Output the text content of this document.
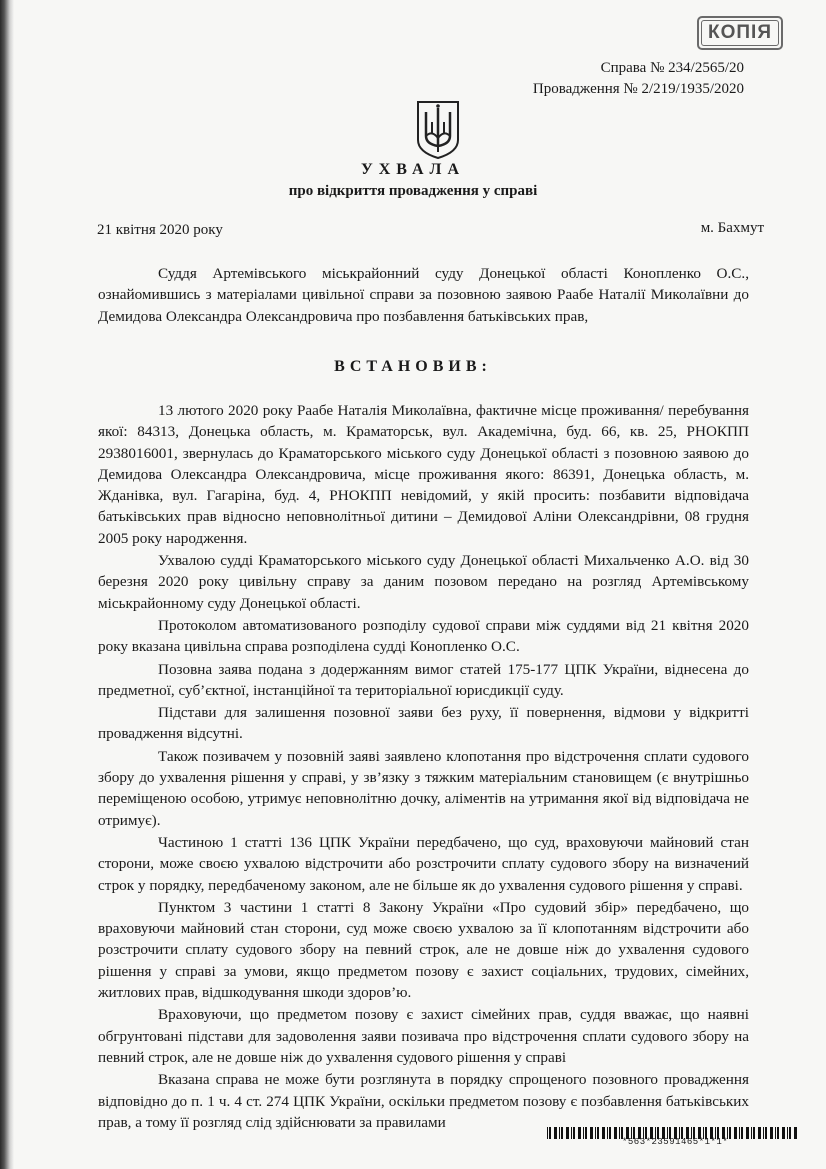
КОПІЯ
Справа № 234/2565/20
Провадження № 2/219/1935/2020
УХВАЛА
про відкриття провадження у справі
21 квітня 2020 року	м. Бахмут

Суддя Артемівського міськрайонний суду Донецької області Коноплeнко О.С., ознайомившись з матеріалами цивільної справи за позовною заявою Раабе Наталії Миколаївни до Демидова Олександра Олександровича про позбавлення батьківських прав,

ВСТАНОВИВ:

13 лютого 2020 року Раабе Наталія Миколаївна, фактичне місце проживання/ перебування якої: 84313, Донецька область, м. Краматорськ, вул. Академічна, буд. 66, кв. 25, РНОКПП 2938016001, звернулась до Краматорського міського суду Донецької області з позовною заявою до Демидова Олександра Олександровича, місце проживання якого: 86391, Донецька область, м. Жданівка, вул. Гагаріна, буд. 4, РНОКПП невідомий, у якій просить: позбавити відповідача батьківських прав відносно неповнолітньої дитини – Демидової Аліни Олександрівни, 08 грудня 2005 року народження.

Ухвалою судді Краматорського міського суду Донецької області Михальченко А.О. від 30 березня 2020 року цивільну справу за даним позовом передано на розгляд Артемівському міськрайонному суду Донецької області.

Протоколом автоматизованого розподілу судової справи між суддями від 21 квітня 2020 року вказана цивільна справа розподілена судді Коноплeнко О.С.

Позовна заява подана з додержанням вимог статей 175-177 ЦПК України, віднесена до предметної, суб’єктної, інстанційної та територіальної юрисдикції суду.

Підстави для залишення позовної заяви без руху, її повернення, відмови у відкритті провадження відсутні.

Також позивачем у позовній заяві заявлено клопотання про відстрочення сплати судового збору до ухвалення рішення у справі, у зв’язку з тяжким матеріальним становищем (є внутрішньо переміщеною особою, утримує неповнолітню дочку, аліментів на утримання якої від відповідача не отримує).

Частиною 1 статті 136 ЦПК України передбачено, що суд, враховуючи майновий стан сторони, може своєю ухвалою відстрочити або розстрочити сплату судового збору на визначений строк у порядку, передбаченому законом, але не більше як до ухвалення судового рішення у справі.

Пунктом 3 частини 1 статті 8 Закону України «Про судовий збір» передбачено, що враховуючи майновий стан сторони, суд може своєю ухвалою за її клопотанням відстрочити або розстрочити сплату судового збору на певний строк, але не довше ніж до ухвалення судового рішення у справі за умови, якщо предметом позову є захист соціальних, трудових, сімейних, житлових прав, відшкодування шкоди здоров’ю.

Враховуючи, що предметом позову є захист сімейних прав, суддя вважає, що наявні обгрунтовані підстави для задоволення заяви позивача про відстрочення сплати судового збору на певний строк, але не довше ніж до ухвалення судового рішення у справі

Вказана справа не може бути розглянута в порядку спрощеного позовного провадження відповідно до п. 1 ч. 4 ст. 274 ЦПК України, оскільки предметом позову є позбавлення батьківських прав, а тому її розгляд слід здійснювати за правилами

*563*23591465*1*1*
